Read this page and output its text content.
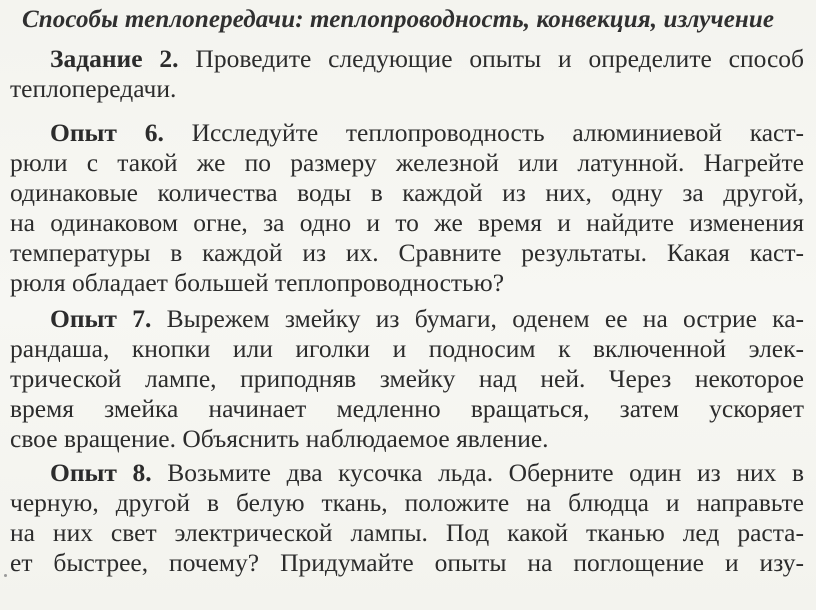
Способы теплопередачи: теплопроводность, конвекция, излучение
Задание 2. Проведите следующие опыты и определите способ
теплопередачи.
Опыт 6. Исследуйте теплопроводность алюминиевой каст-
рюли с такой же по размеру железной или латунной. Нагрейте
одинаковые количества воды в каждой из них, одну за другой,
на одинаковом огне, за одно и то же время и найдите изменения
температуры в каждой из их. Сравните результаты. Какая каст-
рюля обладает большей теплопроводностью?
Опыт 7. Вырежем змейку из бумаги, оденем ее на острие ка-
рандаша, кнопки или иголки и подносим к включенной элек-
трической лампе, приподняв змейку над ней. Через некоторое
время змейка начинает медленно вращаться, затем ускоряет
свое вращение. Объяснить наблюдаемое явление.
Опыт 8. Возьмите два кусочка льда. Оберните один из них в
черную, другой в белую ткань, положите на блюдца и направьте
на них свет электрической лампы. Под какой тканью лед раста-
ет быстрее, почему? Придумайте опыты на поглощение и изу-
